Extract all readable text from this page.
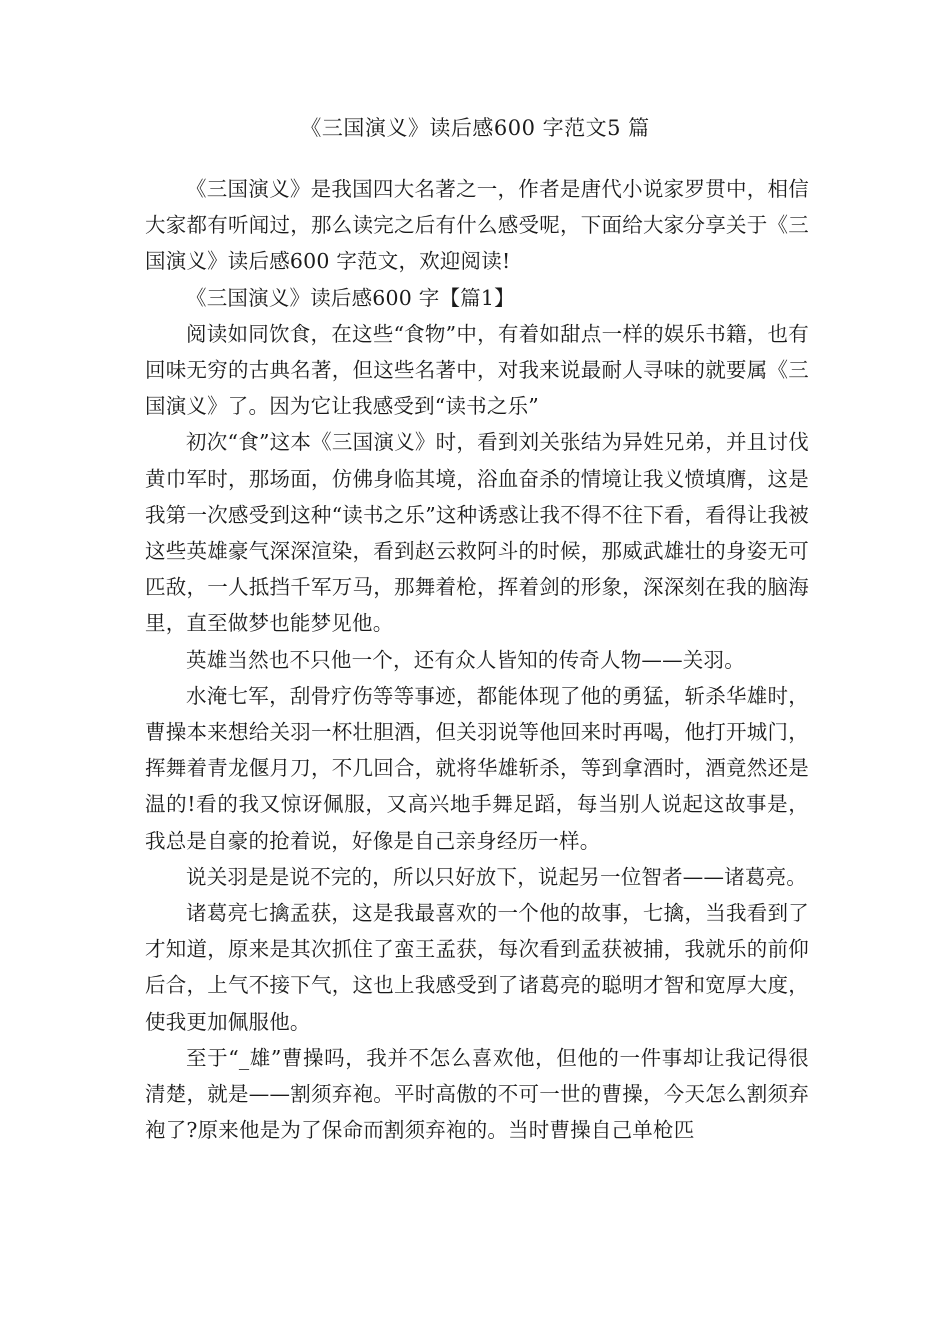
《三国演义》读后感600 字范文5 篇

《三国演义》是我国四大名著之一，作者是唐代小说家罗贯中，相信大家都有听闻过，那么读完之后有什么感受呢，下面给大家分享关于《三国演义》读后感600 字范文，欢迎阅读!

《三国演义》读后感600 字【篇1】

阅读如同饮食，在这些“食物”中，有着如甜点一样的娱乐书籍，也有回味无穷的古典名著，但这些名著中，对我来说最耐人寻味的就要属《三国演义》了。因为它让我感受到“读书之乐”

初次“食”这本《三国演义》时，看到刘关张结为异姓兄弟，并且讨伐黄巾军时，那场面，仿佛身临其境，浴血奋杀的情境让我义愤填膺，这是我第一次感受到这种“读书之乐”这种诱惑让我不得不往下看，看得让我被这些英雄豪气深深渲染，看到赵云救阿斗的时候，那威武雄壮的身姿无可匹敌，一人抵挡千军万马，那舞着枪，挥着剑的形象，深深刻在我的脑海里，直至做梦也能梦见他。

英雄当然也不只他一个，还有众人皆知的传奇人物——关羽。

水淹七军，刮骨疗伤等等事迹，都能体现了他的勇猛，斩杀华雄时，曹操本来想给关羽一杯壮胆酒，但关羽说等他回来时再喝，他打开城门，挥舞着青龙偃月刀，不几回合，就将华雄斩杀，等到拿酒时，酒竟然还是温的!看的我又惊讶佩服，又高兴地手舞足蹈，每当别人说起这故事是，我总是自豪的抢着说，好像是自己亲身经历一样。

说关羽是是说不完的，所以只好放下，说起另一位智者——诸葛亮。

诸葛亮七擒孟获，这是我最喜欢的一个他的故事，七擒，当我看到了才知道，原来是其次抓住了蛮王孟获，每次看到孟获被捕，我就乐的前仰后合，上气不接下气，这也上我感受到了诸葛亮的聪明才智和宽厚大度，使我更加佩服他。

至于“_雄”曹操吗，我并不怎么喜欢他，但他的一件事却让我记得很清楚，就是——割须弃袍。平时高傲的不可一世的曹操，今天怎么割须弃袍了?原来他是为了保命而割须弃袍的。当时曹操自己单枪匹
